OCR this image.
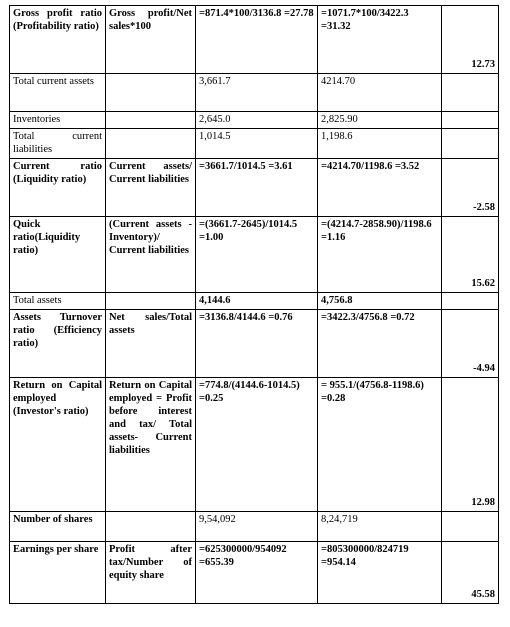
Gross profit ratio (Profitability ratio)	Gross profit/Net sales*100	=871.4*100/3136.8 =27.78	=1071.7*100/3422.3 =31.32	12.73
Total current assets		3,661.7	4214.70	
Inventories		2,645.0	2,825.90	
Total current liabilities		1,014.5	1,198.6	
Current ratio (Liquidity ratio)	Current assets/ Current liabilities	=3661.7/1014.5 =3.61	=4214.70/1198.6 =3.52	-2.58
Quick ratio(Liquidity ratio)	(Current assets - Inventory)/ Current liabilities	=(3661.7-2645)/1014.5 =1.00	=(4214.7-2858.90)/1198.6 =1.16	15.62
Total assets		4,144.6	4,756.8	
Assets Turnover ratio (Efficiency ratio)	Net sales/Total assets	=3136.8/4144.6 =0.76	=3422.3/4756.8 =0.72	-4.94
Return on Capital employed (Investor's ratio)	Return on Capital employed = Profit before interest and tax/ Total assets- Current liabilities	=774.8/(4144.6-1014.5) =0.25	= 955.1/(4756.8-1198.6) =0.28	12.98
Number of shares		9,54,092	8,24,719	
Earnings per share	Profit after tax/Number of equity share	=625300000/954092 =655.39	=805300000/824719 =954.14	45.58
